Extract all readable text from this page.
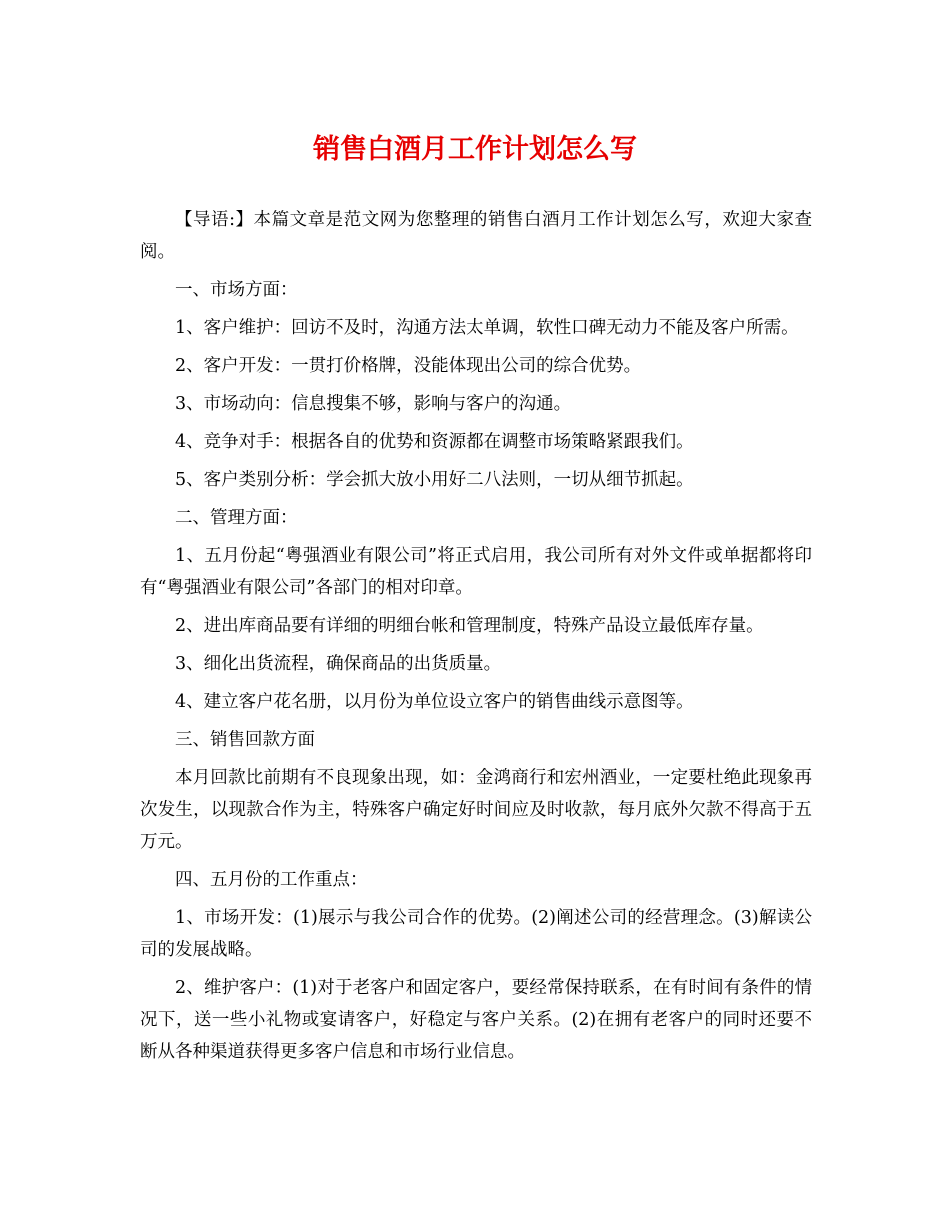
销售白酒月工作计划怎么写

【导语:】本篇文章是范文网为您整理的销售白酒月工作计划怎么写，欢迎大家查阅。

一、市场方面：

1、客户维护：回访不及时，沟通方法太单调，软性口碑无动力不能及客户所需。

2、客户开发：一贯打价格牌，没能体现出公司的综合优势。

3、市场动向：信息搜集不够，影响与客户的沟通。

4、竞争对手：根据各自的优势和资源都在调整市场策略紧跟我们。

5、客户类别分析：学会抓大放小用好二八法则，一切从细节抓起。

二、管理方面：

1、五月份起“粤强酒业有限公司”将正式启用，我公司所有对外文件或单据都将印有“粤强酒业有限公司”各部门的相对印章。

2、进出库商品要有详细的明细台帐和管理制度，特殊产品设立最低库存量。

3、细化出货流程，确保商品的出货质量。

4、建立客户花名册，以月份为单位设立客户的销售曲线示意图等。

三、销售回款方面

本月回款比前期有不良现象出现，如：金鸿商行和宏州酒业，一定要杜绝此现象再次发生，以现款合作为主，特殊客户确定好时间应及时收款，每月底外欠款不得高于五万元。

四、五月份的工作重点：

1、市场开发：(1)展示与我公司合作的优势。(2)阐述公司的经营理念。(3)解读公司的发展战略。

2、维护客户：(1)对于老客户和固定客户，要经常保持联系，在有时间有条件的情况下，送一些小礼物或宴请客户，好稳定与客户关系。(2)在拥有老客户的同时还要不断从各种渠道获得更多客户信息和市场行业信息。
